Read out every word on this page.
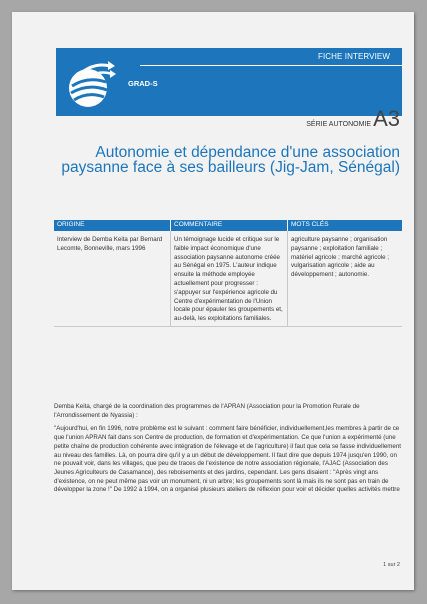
FICHE INTERVIEW
GRAD-S
SÉRIE AUTONOMIE A3
Autonomie et dépendance d'une association paysanne face à ses bailleurs (Jig-Jam, Sénégal)
ORIGINE	COMMENTAIRE	MOTS CLÉS
Interview de Demba Keita par Bernard Lecomte, Bonneville, mars 1996	Un témoignage lucide et critique sur le faible impact économique d'une association paysanne autonome créée au Sénégal en 1975. L'auteur indique ensuite la méthode employée actuellement pour progresser : s'appuyer sur l'expérience agricole du Centre d'expérimentation de l'Union locale pour épauler les groupements et, au-delà, les exploitations familiales.	agriculture paysanne ; organisation paysanne ; exploitation familiale ; matériel agricole ; marché agricole ; vulgarisation agricole ; aide au développement ; autonomie.

Demba Keita, chargé de la coordination des programmes de l'APRAN (Association pour la Promotion Rurale de l'Arrondissement de Nyassia) :

"Aujourd'hui, en fin 1996, notre problème est le suivant : comment faire bénéficier, individuellement,les membres à partir de ce que l'union APRAN fait dans son Centre de production, de formation et d'expérimentation. Ce que l'union a expérimenté (une petite chaîne de production cohérente avec intégration de l'élevage et de l'agriculture) il faut que cela se fasse individuellement au niveau des familles. Là, on pourra dire qu'il y a un début de développement. Il faut dire que depuis 1974 jusqu'en 1990, on ne pouvait voir, dans les villages, que peu de traces de l'existence de notre association régionale, l'AJAC (Association des Jeunes Agriculteurs de Casamance), des reboisements et des jardins, cependant. Les gens disaient : "Après vingt ans d'existence, on ne peut même pas voir un monument, ni un arbre; les groupements sont là mais ils ne sont pas en train de développer la zone !" De 1992 à 1994, on a organisé plusieurs ateliers de réflexion pour voir et décider quelles activités mettre

1 sur 2
